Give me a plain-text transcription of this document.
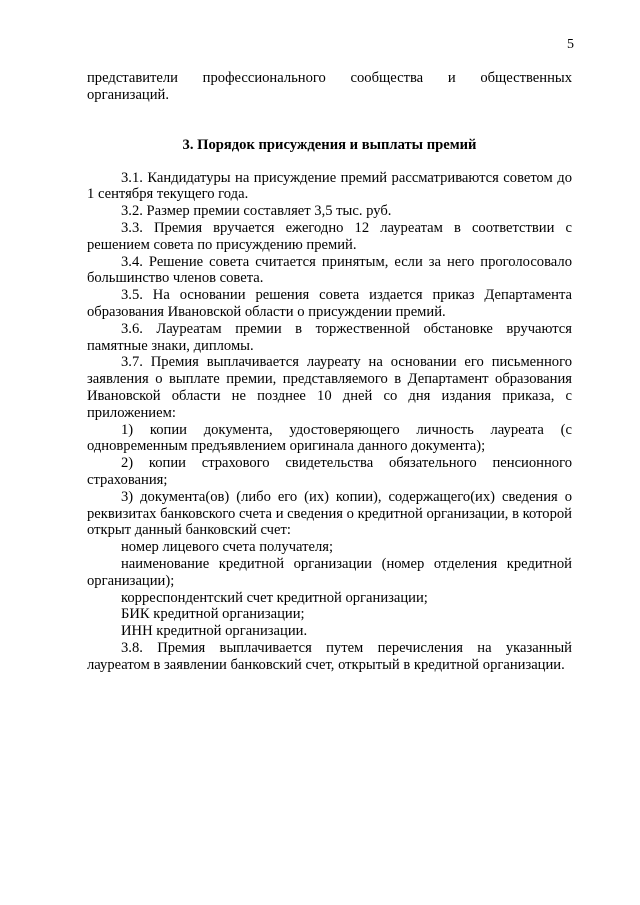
5

представители профессионального сообщества и общественных организаций.

3. Порядок присуждения и выплаты премий

3.1. Кандидатуры на присуждение премий рассматриваются советом до 1 сентября текущего года.

3.2. Размер премии составляет 3,5 тыс. руб.

3.3. Премия вручается ежегодно 12 лауреатам в соответствии с решением совета по присуждению премий.

3.4. Решение совета считается принятым, если за него проголосовало большинство членов совета.

3.5. На основании решения совета издается приказ Департамента образования Ивановской области о присуждении премий.

3.6. Лауреатам премии в торжественной обстановке вручаются памятные знаки, дипломы.

3.7. Премия выплачивается лауреату на основании его письменного заявления о выплате премии, представляемого в Департамент образования Ивановской области не позднее 10 дней со дня издания приказа, с приложением:

1) копии документа, удостоверяющего личность лауреата (с одновременным предъявлением оригинала данного документа);

2) копии страхового свидетельства обязательного пенсионного страхования;

3) документа(ов) (либо его (их) копии), содержащего(их) сведения о реквизитах банковского счета и сведения о кредитной организации, в которой открыт данный банковский счет:

номер лицевого счета получателя;

наименование кредитной организации (номер отделения кредитной организации);

корреспондентский счет кредитной организации;

БИК кредитной организации;

ИНН кредитной организации.

3.8. Премия выплачивается путем перечисления на указанный лауреатом в заявлении банковский счет, открытый в кредитной организации.
